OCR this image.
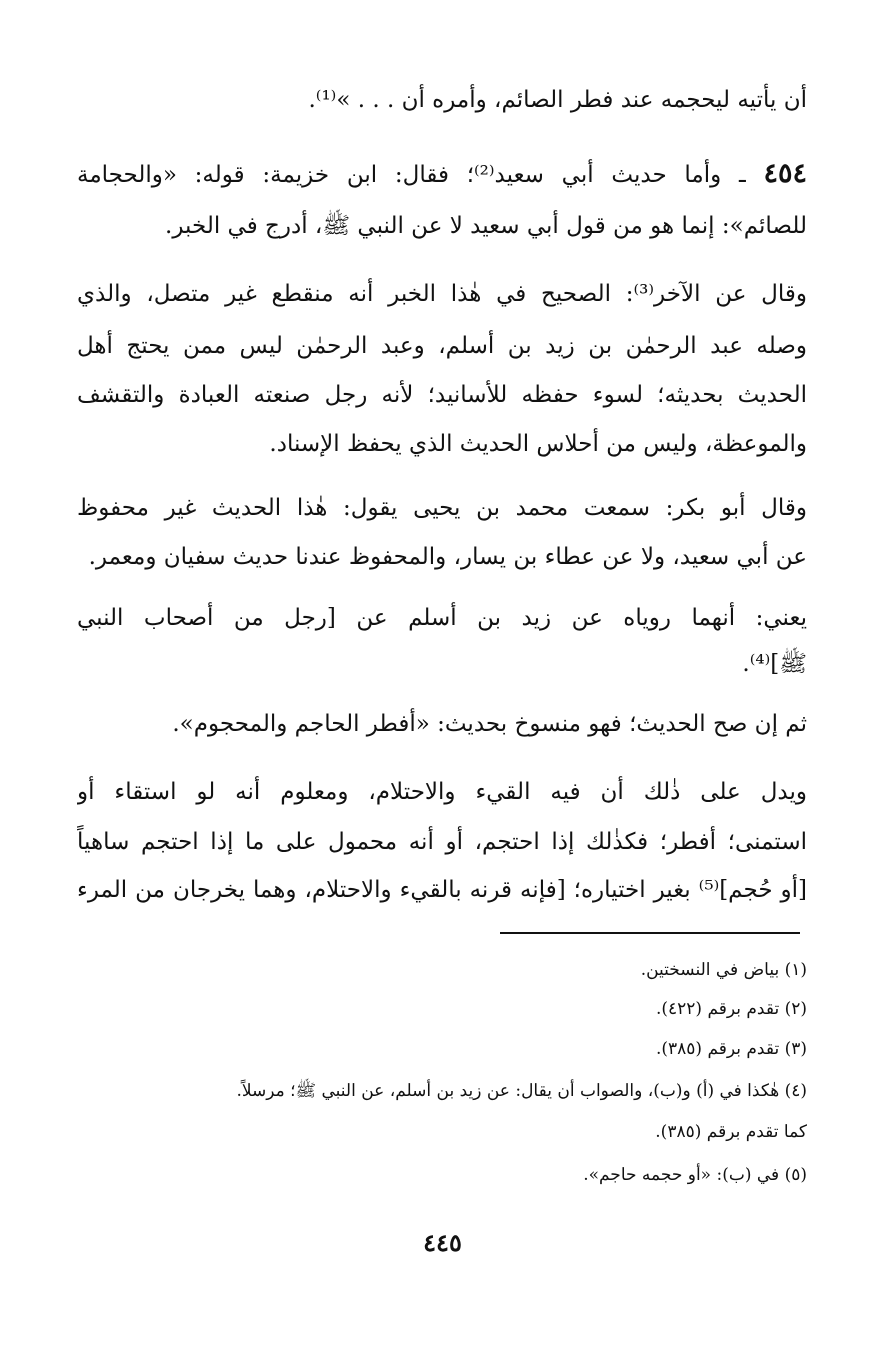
أن يأتيه ليحجمه عند فطر الصائم، وأمره أن . . . »⁽¹⁾.
٤٥٤ ـ وأما حديث أبي سعيد⁽²⁾؛ فقال: ابن خزيمة: قوله: «والحجامة
للصائم»: إنما هو من قول أبي سعيد لا عن النبي ﷺ، أدرج في الخبر.
وقال عن الآخر⁽³⁾: الصحيح في هٰذا الخبر أنه منقطع غير متصل، والذي
وصله عبد الرحمٰن بن زيد بن أسلم، وعبد الرحمٰن ليس ممن يحتج أهل
الحديث بحديثه؛ لسوء حفظه للأسانيد؛ لأنه رجل صنعته العبادة والتقشف
والموعظة، وليس من أحلاس الحديث الذي يحفظ الإسناد.
وقال أبو بكر: سمعت محمد بن يحيى يقول: هٰذا الحديث غير محفوظ
عن أبي سعيد، ولا عن عطاء بن يسار، والمحفوظ عندنا حديث سفيان ومعمر.
يعني: أنهما روياه عن زيد بن أسلم عن [رجل من أصحاب النبي
ﷺ]⁽⁴⁾.
ثم إن صح الحديث؛ فهو منسوخ بحديث: «أفطر الحاجم والمحجوم».
ويدل على ذٰلك أن فيه القيء والاحتلام، ومعلوم أنه لو استقاء أو
استمنى؛ أفطر؛ فكذٰلك إذا احتجم، أو أنه محمول على ما إذا احتجم ساهياً
[أو حُجم]⁽⁵⁾ بغير اختياره؛ [فإنه قرنه بالقيء والاحتلام، وهما يخرجان من المرء
(١) بياض في النسختين.
(٢) تقدم برقم (٤٢٢).
(٣) تقدم برقم (٣٨٥).
(٤) هٰكذا في (أ) و(ب)، والصواب أن يقال: عن زيد بن أسلم، عن النبي ﷺ؛ مرسلاً.
كما تقدم برقم (٣٨٥).
(٥) في (ب): «أو حجمه حاجم».
٤٤٥
